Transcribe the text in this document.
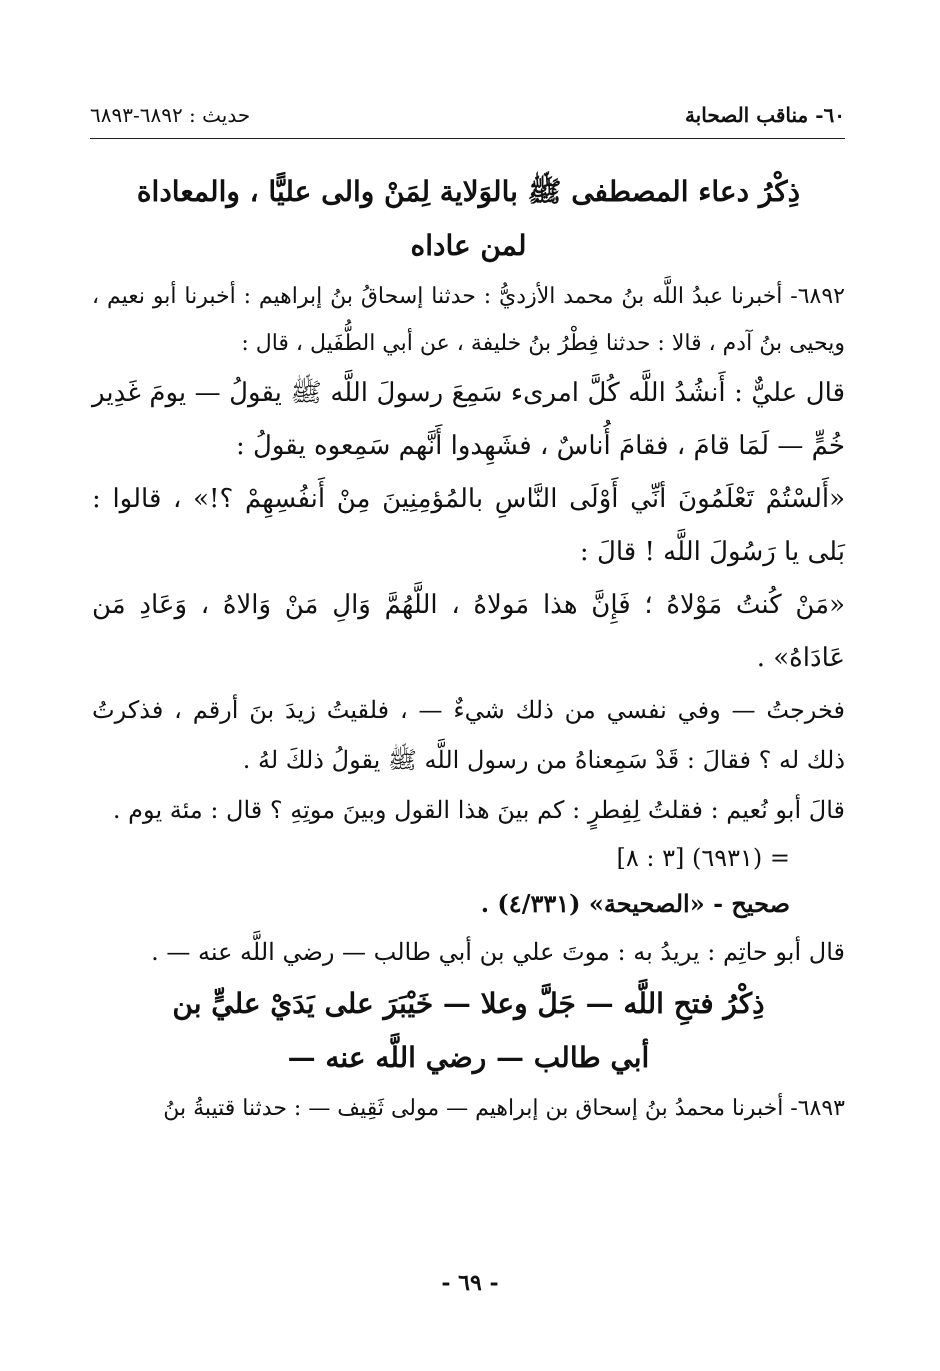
٦٠- مناقب الصحابة
حديث : ٦٨٩٢-٦٨٩٣

ذِكْرُ دعاء المصطفى ﷺ بالوَلاية لِمَنْ والى عليًّا ، والمعاداة

لمن عاداه

٦٨٩٢- أخبرنا عبدُ اللَّه بنُ محمد الأزديُّ : حدثنا إسحاقُ بنُ إبراهيم : أخبرنا أبو نعيم ، ويحيى بنُ آدم ، قالا : حدثنا فِطْرُ بنُ خليفة ، عن أبي الطُّفَيل ، قال :

قال عليٌّ : أَنشُدُ اللَّه كُلَّ امرىء سَمِعَ رسولَ اللَّه ﷺ يقولُ — يومَ غَدِير خُمٍّ — لَمَا قامَ ، فقامَ أُناسٌ ، فشَهِدوا أَنَّهم سَمِعوه يقولُ :

«أَلسْتُمْ تَعْلَمُونَ أنِّي أَوْلَى النَّاسِ بالمُؤمِنِينَ مِنْ أَنفُسِهِمْ ؟!» ، قالوا : بَلى يا رَسُولَ اللَّه ! قالَ :

«مَنْ كُنتُ مَوْلاهُ ؛ فَإِنَّ هذا مَولاهُ ، اللَّهُمَّ وَالِ مَنْ وَالاهُ ، وَعَادِ مَن عَادَاهُ» .

فخرجتُ — وفي نفسي من ذلك شيءٌ — ، فلقيتُ زيدَ بنَ أرقم ، فذكرتُ ذلك له ؟ فقالَ : قَدْ سَمِعناهُ من رسول اللَّه ﷺ يقولُ ذلكَ لهُ .

قالَ أبو نُعيم : فقلتُ لِفِطرٍ : كم بينَ هذا القول وبينَ موتِهِ ؟ قال : مئة يوم .

= (٦٩٣١) [٣ : ٨]

صحيح - «الصحيحة» (٤/٣٣١) .

قال أبو حاتِم : يريدُ به : موتَ علي بن أبي طالب — رضي اللَّه عنه — .

ذِكْرُ فتحِ اللَّه — جَلَّ وعلا — خَيْبَرَ على يَدَيْ عليٍّ بن

أبي طالب — رضي اللَّه عنه —

٦٨٩٣- أخبرنا محمدُ بنُ إسحاق بن إبراهيم — مولى ثَقِيف — : حدثنا قتيبةُ بنُ

- ٦٩ -
